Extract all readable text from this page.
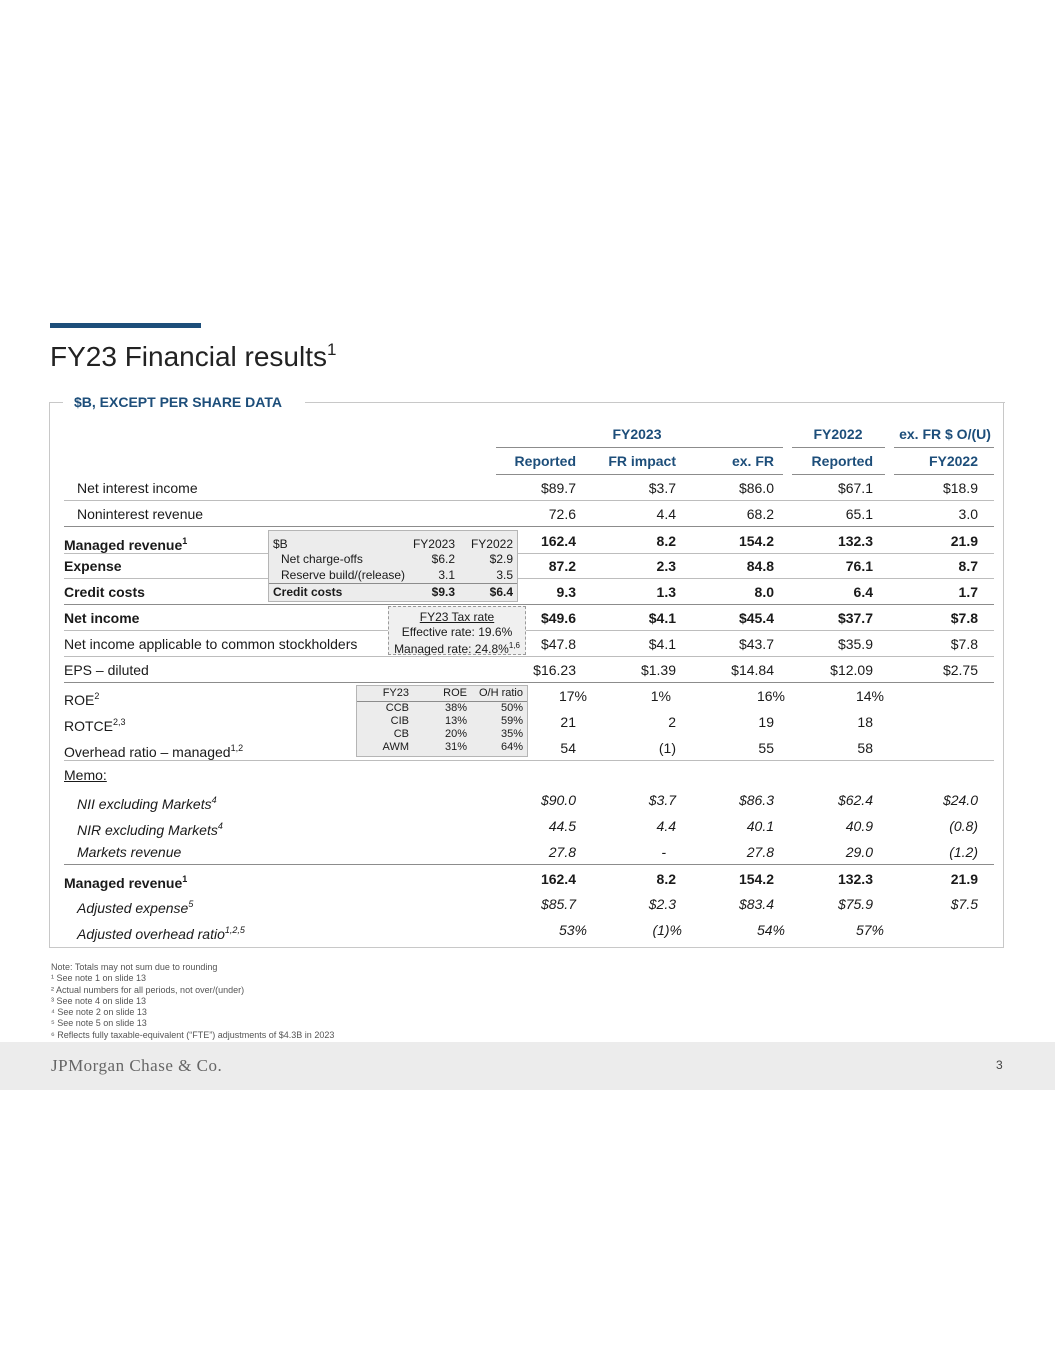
FY23 Financial results$^1$
$B, EXCEPT PER SHARE DATA
FY2023	FY2022	ex. FR $ O/(U)
Reported	FR impact	ex. FR	Reported	FY2022
Net interest income	$89.7	$3.7	$86.0	$67.1	$18.9
Noninterest revenue	72.6	4.4	68.2	65.1	3.0
Managed revenue$^1$	162.4	8.2	154.2	132.3	21.9
Expense	87.2	2.3	84.8	76.1	8.7
Credit costs	9.3	1.3	8.0	6.4	1.7
Net income	$49.6	$4.1	$45.4	$37.7	$7.8
Net income applicable to common stockholders	$47.8	$4.1	$43.7	$35.9	$7.8
EPS – diluted	$16.23	$1.39	$14.84	$12.09	$2.75
ROE$^2$	17%	1%	16%	14%
ROTCE$^{2,3}$	21	2	19	18
Overhead ratio – managed$^{1,2}$	54	(1)	55	58
Memo:
NII excluding Markets$^4$	$90.0	$3.7	$86.3	$62.4	$24.0
NIR excluding Markets$^4$	44.5	4.4	40.1	40.9	(0.8)
Markets revenue	27.8	-	27.8	29.0	(1.2)
Managed revenue$^1$	162.4	8.2	154.2	132.3	21.9
Adjusted expense$^5$	$85.7	$2.3	$83.4	$75.9	$7.5
Adjusted overhead ratio$^{1,2,5}$	53%	(1)%	54%	57%
$B	FY2023	FY2022
Net charge-offs	$6.2	$2.9
Reserve build/(release)	3.1	3.5
Credit costs	$9.3	$6.4
FY23 Tax rate
Effective rate: 19.6%
Managed rate: 24.8%$^{1,6}$
FY23	ROE	O/H ratio
CCB	38%	50%
CIB	13%	59%
CB	20%	35%
AWM	31%	64%
Note: Totals may not sum due to rounding
¹ See note 1 on slide 13
² Actual numbers for all periods, not over/(under)
³ See note 4 on slide 13
⁴ See note 2 on slide 13
⁵ See note 5 on slide 13
⁶ Reflects fully taxable-equivalent (“FTE”) adjustments of $4.3B in 2023
JPMorgan Chase & Co.	3
